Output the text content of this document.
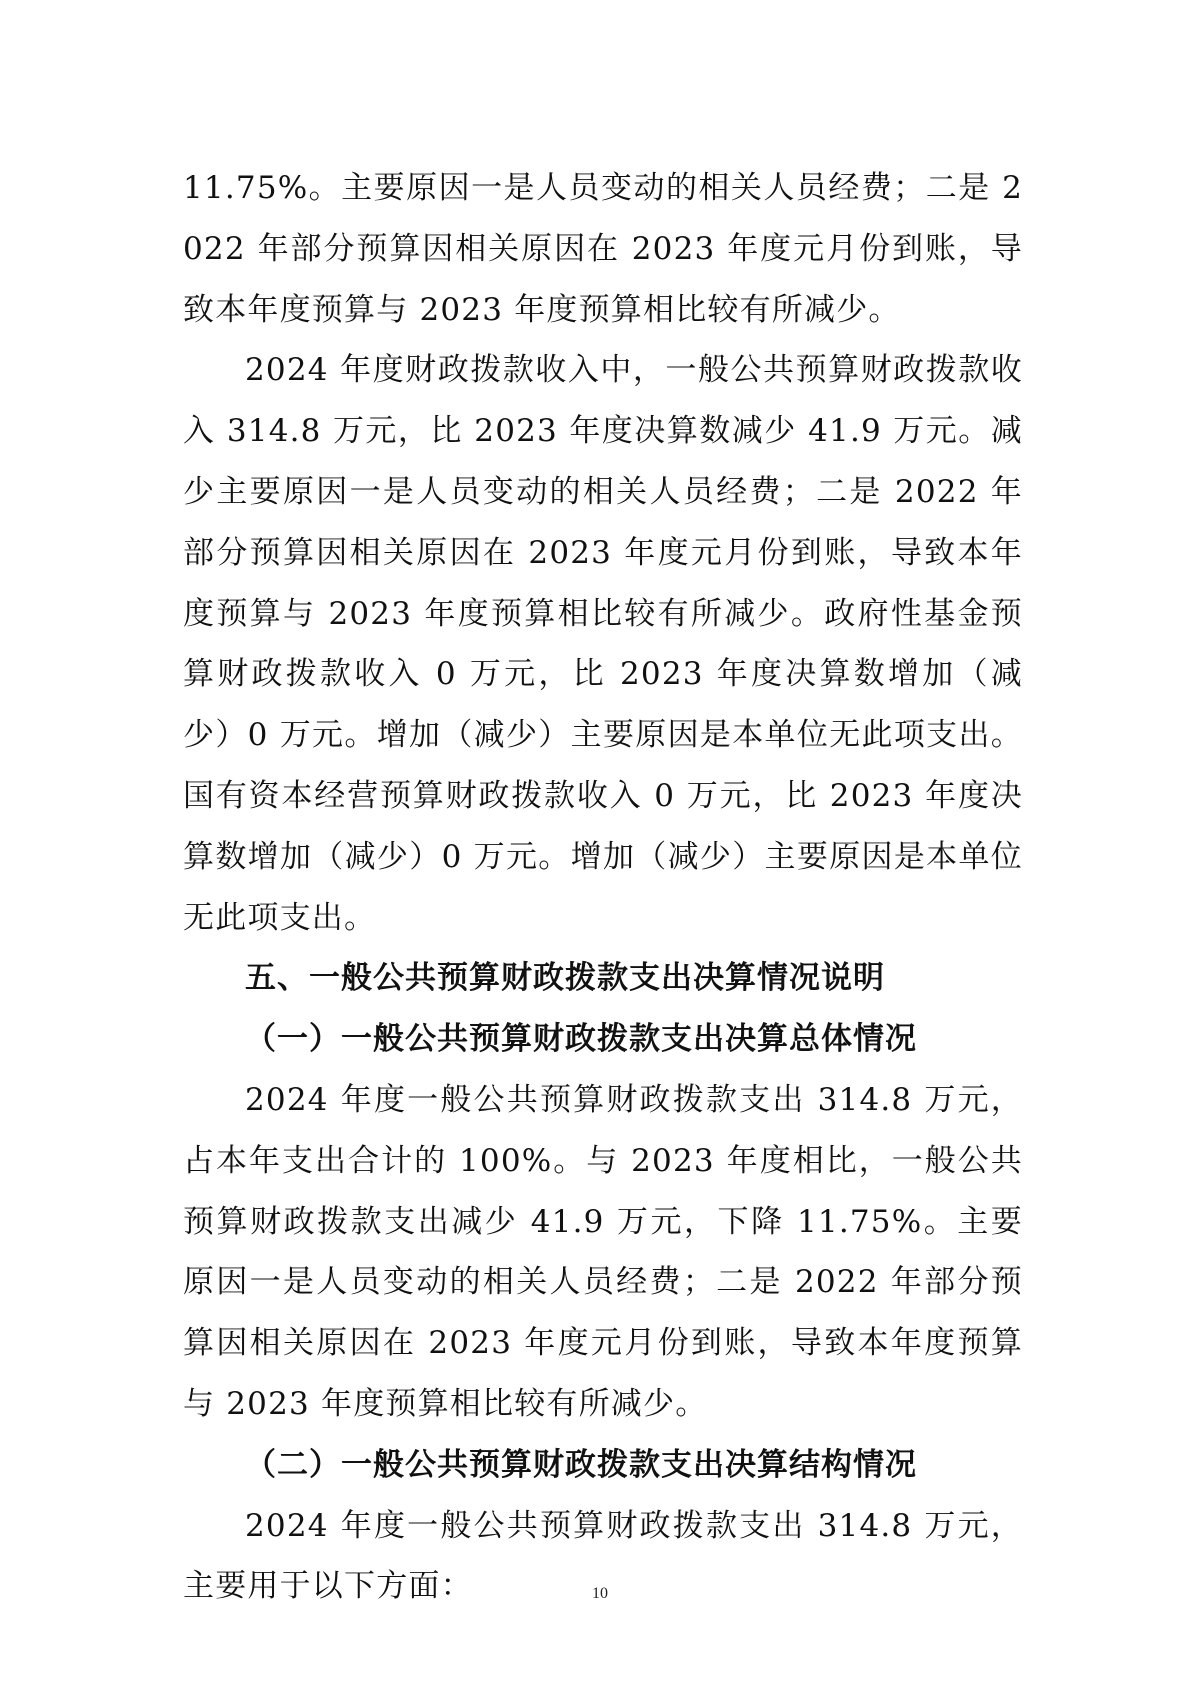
11.75%。主要原因一是人员变动的相关人员经费；二是 2022 年部分预算因相关原因在 2023 年度元月份到账，导致本年度预算与 2023 年度预算相比较有所减少。

2024 年度财政拨款收入中，一般公共预算财政拨款收入 314.8 万元，比 2023 年度决算数减少 41.9 万元。减少主要原因一是人员变动的相关人员经费；二是 2022 年部分预算因相关原因在 2023 年度元月份到账，导致本年度预算与 2023 年度预算相比较有所减少。政府性基金预算财政拨款收入 0 万元，比 2023 年度决算数增加（减少）0 万元。增加（减少）主要原因是本单位无此项支出。国有资本经营预算财政拨款收入 0 万元，比 2023 年度决算数增加（减少）0 万元。增加（减少）主要原因是本单位无此项支出。

五、一般公共预算财政拨款支出决算情况说明

（一）一般公共预算财政拨款支出决算总体情况

2024 年度一般公共预算财政拨款支出 314.8 万元，占本年支出合计的 100%。与 2023 年度相比，一般公共预算财政拨款支出减少 41.9 万元，下降 11.75%。主要原因一是人员变动的相关人员经费；二是 2022 年部分预算因相关原因在 2023 年度元月份到账，导致本年度预算与 2023 年度预算相比较有所减少。

（二）一般公共预算财政拨款支出决算结构情况

2024 年度一般公共预算财政拨款支出 314.8 万元，主要用于以下方面：	10
